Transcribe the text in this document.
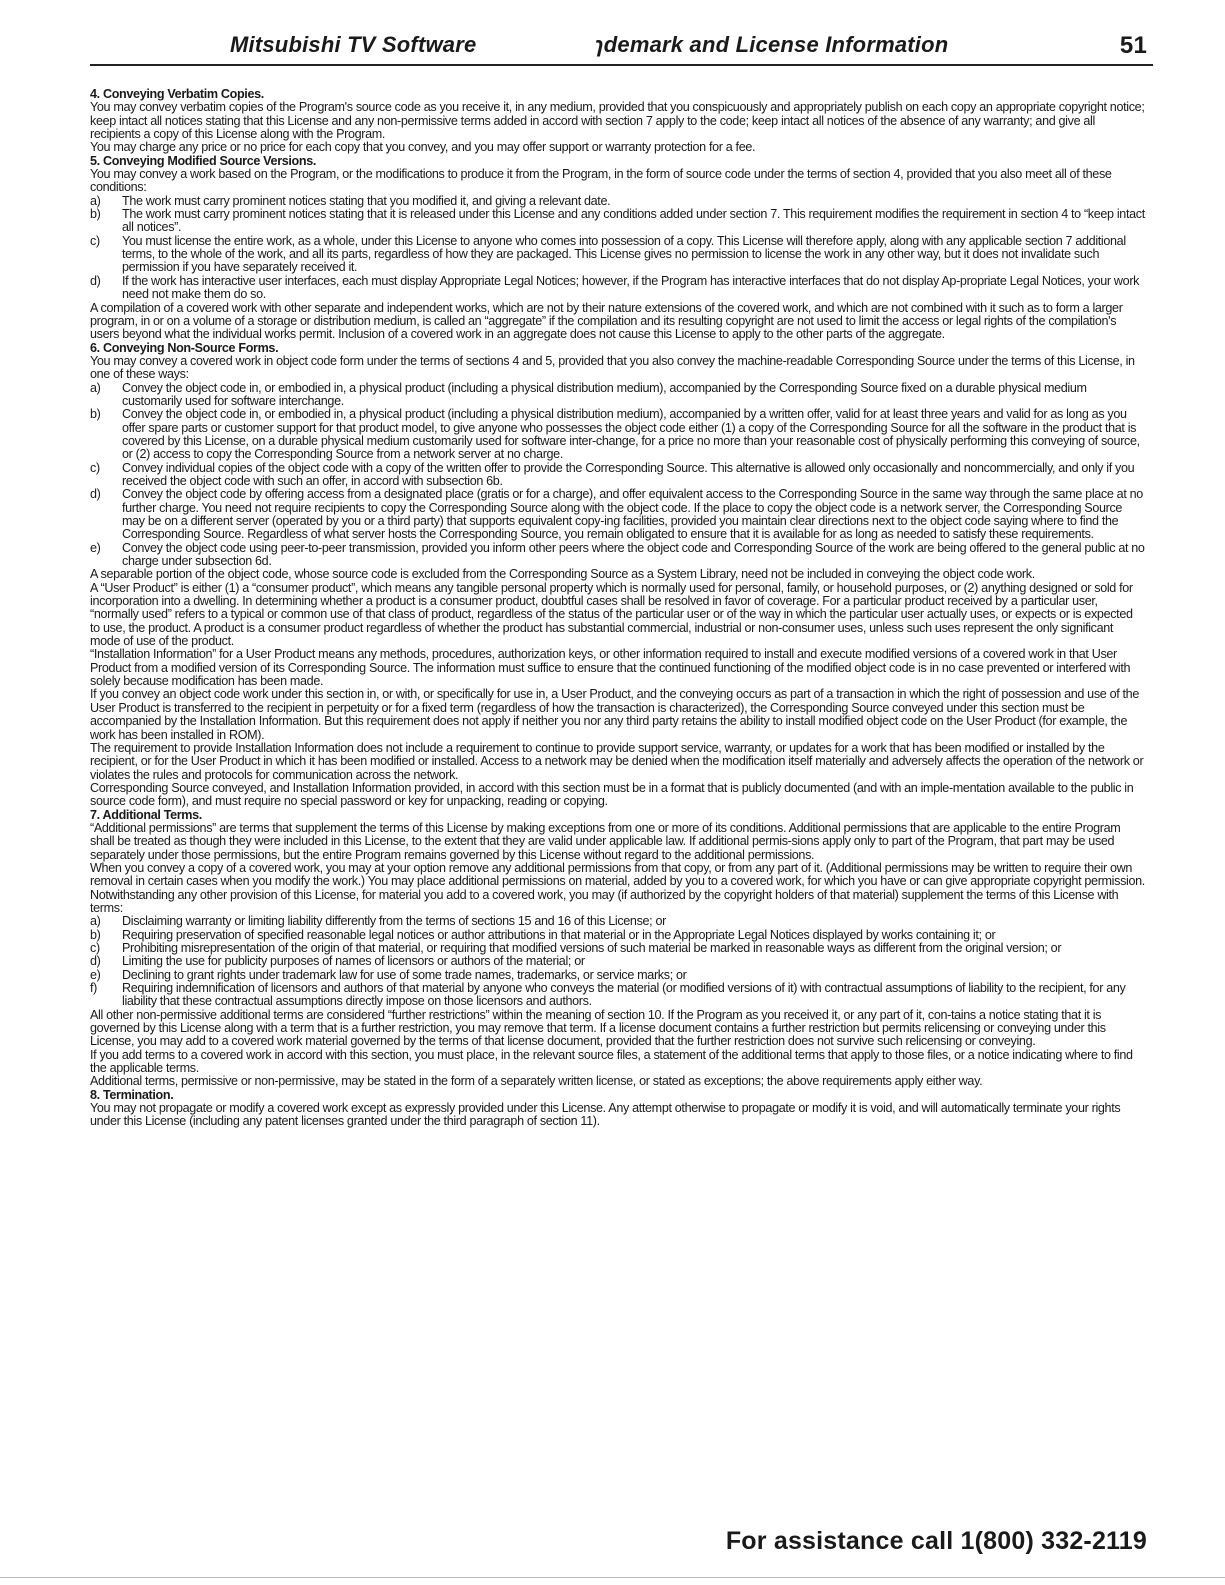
Mitsubishi TV Software	ɿdemark and License Information	51
4. Conveying Verbatim Copies.

You may convey verbatim copies of the Program's source code as you receive it, in any medium, provided that you conspicuously and appropriately publish on each copy an appropriate copyright notice; keep intact all notices stating that this License and any non-permissive terms added in accord with section 7 apply to the code; keep intact all notices of the absence of any warranty; and give all recipients a copy of this License along with the Program.

You may charge any price or no price for each copy that you convey, and you may offer support or warranty protection for a fee.

5. Conveying Modified Source Versions.

You may convey a work based on the Program, or the modifications to produce it from the Program, in the form of source code under the terms of section 4, provided that you also meet all of these conditions:

a) The work must carry prominent notices stating that you modified it, and giving a relevant date.
b) The work must carry prominent notices stating that it is released under this License and any conditions added under section 7. This requirement modifies the requirement in section 4 to “keep intact all notices”.
c) You must license the entire work, as a whole, under this License to anyone who comes into possession of a copy. This License will therefore apply, along with any applicable section 7 additional terms, to the whole of the work, and all its parts, regardless of how they are packaged. This License gives no permission to license the work in any other way, but it does not invalidate such permission if you have separately received it.
d) If the work has interactive user interfaces, each must display Appropriate Legal Notices; however, if the Program has interactive interfaces that do not display Ap-propriate Legal Notices, your work need not make them do so.

A compilation of a covered work with other separate and independent works, which are not by their nature extensions of the covered work, and which are not combined with it such as to form a larger program, in or on a volume of a storage or distribution medium, is called an “aggregate” if the compilation and its resulting copyright are not used to limit the access or legal rights of the compilation's users beyond what the individual works permit. Inclusion of a covered work in an aggregate does not cause this License to apply to the other parts of the aggregate.

6. Conveying Non-Source Forms.

You may convey a covered work in object code form under the terms of sections 4 and 5, provided that you also convey the machine-readable Corresponding Source under the terms of this License, in one of these ways:

a) Convey the object code in, or embodied in, a physical product (including a physical distribution medium), accompanied by the Corresponding Source fixed on a durable physical medium customarily used for software interchange.
b) Convey the object code in, or embodied in, a physical product (including a physical distribution medium), accompanied by a written offer, valid for at least three years and valid for as long as you offer spare parts or customer support for that product model, to give anyone who possesses the object code either (1) a copy of the Corresponding Source for all the software in the product that is covered by this License, on a durable physical medium customarily used for software inter-change, for a price no more than your reasonable cost of physically performing this conveying of source, or (2) access to copy the Corresponding Source from a network server at no charge.
c) Convey individual copies of the object code with a copy of the written offer to provide the Corresponding Source. This alternative is allowed only occasionally and noncommercially, and only if you received the object code with such an offer, in accord with subsection 6b.
d) Convey the object code by offering access from a designated place (gratis or for a charge), and offer equivalent access to the Corresponding Source in the same way through the same place at no further charge. You need not require recipients to copy the Corresponding Source along with the object code. If the place to copy the object code is a network server, the Corresponding Source may be on a different server (operated by you or a third party) that supports equivalent copy-ing facilities, provided you maintain clear directions next to the object code saying where to find the Corresponding Source. Regardless of what server hosts the Corresponding Source, you remain obligated to ensure that it is available for as long as needed to satisfy these requirements.
e) Convey the object code using peer-to-peer transmission, provided you inform other peers where the object code and Corresponding Source of the work are being offered to the general public at no charge under subsection 6d.

A separable portion of the object code, whose source code is excluded from the Corresponding Source as a System Library, need not be included in conveying the object code work.

A “User Product” is either (1) a “consumer product”, which means any tangible personal property which is normally used for personal, family, or household purposes, or (2) anything designed or sold for incorporation into a dwelling. In determining whether a product is a consumer product, doubtful cases shall be resolved in favor of coverage. For a particular product received by a particular user, “normally used” refers to a typical or common use of that class of product, regardless of the status of the particular user or of the way in which the particular user actually uses, or expects or is expected to use, the product. A product is a consumer product regardless of whether the product has substantial commercial, industrial or non-consumer uses, unless such uses represent the only significant mode of use of the product.

“Installation Information” for a User Product means any methods, procedures, authorization keys, or other information required to install and execute modified versions of a covered work in that User Product from a modified version of its Corresponding Source. The information must suffice to ensure that the continued functioning of the modified object code is in no case prevented or interfered with solely because modification has been made.

If you convey an object code work under this section in, or with, or specifically for use in, a User Product, and the conveying occurs as part of a transaction in which the right of possession and use of the User Product is transferred to the recipient in perpetuity or for a fixed term (regardless of how the transaction is characterized), the Corresponding Source conveyed under this section must be accompanied by the Installation Information. But this requirement does not apply if neither you nor any third party retains the ability to install modified object code on the User Product (for example, the work has been installed in ROM).

The requirement to provide Installation Information does not include a requirement to continue to provide support service, warranty, or updates for a work that has been modified or installed by the recipient, or for the User Product in which it has been modified or installed. Access to a network may be denied when the modification itself materially and adversely affects the operation of the network or violates the rules and protocols for communication across the network.

Corresponding Source conveyed, and Installation Information provided, in accord with this section must be in a format that is publicly documented (and with an imple-mentation available to the public in source code form), and must require no special password or key for unpacking, reading or copying.

7. Additional Terms.

“Additional permissions” are terms that supplement the terms of this License by making exceptions from one or more of its conditions. Additional permissions that are applicable to the entire Program shall be treated as though they were included in this License, to the extent that they are valid under applicable law. If additional permis-sions apply only to part of the Program, that part may be used separately under those permissions, but the entire Program remains governed by this License without regard to the additional permissions.

When you convey a copy of a covered work, you may at your option remove any additional permissions from that copy, or from any part of it. (Additional permissions may be written to require their own removal in certain cases when you modify the work.) You may place additional permissions on material, added by you to a covered work, for which you have or can give appropriate copyright permission.

Notwithstanding any other provision of this License, for material you add to a covered work, you may (if authorized by the copyright holders of that material) supplement the terms of this License with terms:

a) Disclaiming warranty or limiting liability differently from the terms of sections 15 and 16 of this License; or
b) Requiring preservation of specified reasonable legal notices or author attributions in that material or in the Appropriate Legal Notices displayed by works containing it; or
c) Prohibiting misrepresentation of the origin of that material, or requiring that modified versions of such material be marked in reasonable ways as different from the original version; or
d) Limiting the use for publicity purposes of names of licensors or authors of the material; or
e) Declining to grant rights under trademark law for use of some trade names, trademarks, or service marks; or
f) Requiring indemnification of licensors and authors of that material by anyone who conveys the material (or modified versions of it) with contractual assumptions of liability to the recipient, for any liability that these contractual assumptions directly impose on those licensors and authors.

All other non-permissive additional terms are considered “further restrictions” within the meaning of section 10. If the Program as you received it, or any part of it, con-tains a notice stating that it is governed by this License along with a term that is a further restriction, you may remove that term. If a license document contains a further restriction but permits relicensing or conveying under this License, you may add to a covered work material governed by the terms of that license document, provided that the further restriction does not survive such relicensing or conveying.

If you add terms to a covered work in accord with this section, you must place, in the relevant source files, a statement of the additional terms that apply to those files, or a notice indicating where to find the applicable terms.

Additional terms, permissive or non-permissive, may be stated in the form of a separately written license, or stated as exceptions; the above requirements apply either way.

8. Termination.

You may not propagate or modify a covered work except as expressly provided under this License. Any attempt otherwise to propagate or modify it is void, and will automatically terminate your rights under this License (including any patent licenses granted under the third paragraph of section 11).

For assistance call 1(800) 332-2119
